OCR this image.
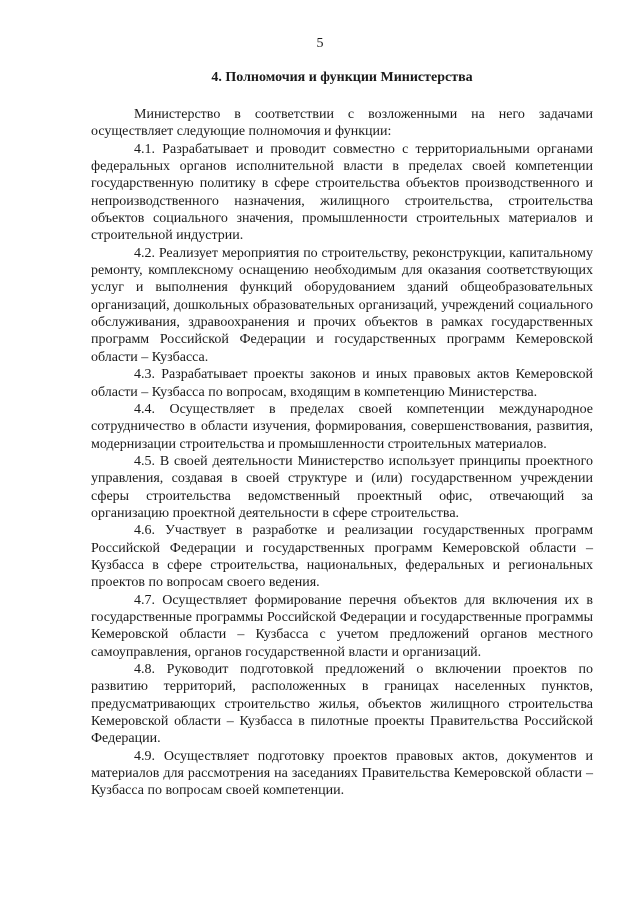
5
4. Полномочия и функции Министерства

Министерство в соответствии с возложенными на него задачами осуществляет следующие полномочия и функции:

4.1. Разрабатывает и проводит совместно с территориальными органами федеральных органов исполнительной власти в пределах своей компетенции государственную политику в сфере строительства объектов производственного и непроизводственного назначения, жилищного строительства, строительства объектов социального значения, промышленности строительных материалов и строительной индустрии.

4.2. Реализует мероприятия по строительству, реконструкции, капитальному ремонту, комплексному оснащению необходимым для оказания соответствующих услуг и выполнения функций оборудованием зданий общеобразовательных организаций, дошкольных образовательных организаций, учреждений социального обслуживания, здравоохранения и прочих объектов в рамках государственных программ Российской Федерации и государственных программ Кемеровской области – Кузбасса.

4.3. Разрабатывает проекты законов и иных правовых актов Кемеровской области – Кузбасса по вопросам, входящим в компетенцию Министерства.

4.4. Осуществляет в пределах своей компетенции международное сотрудничество в области изучения, формирования, совершенствования, развития, модернизации строительства и промышленности строительных материалов.

4.5. В своей деятельности Министерство использует принципы проектного управления, создавая в своей структуре и (или) государственном учреждении сферы строительства ведомственный проектный офис, отвечающий за организацию проектной деятельности в сфере строительства.

4.6. Участвует в разработке и реализации государственных программ Российской Федерации и государственных программ Кемеровской области – Кузбасса в сфере строительства, национальных, федеральных и региональных проектов по вопросам своего ведения.

4.7. Осуществляет формирование перечня объектов для включения их в государственные программы Российской Федерации и государственные программы Кемеровской области – Кузбасса с учетом предложений органов местного самоуправления, органов государственной власти и организаций.

4.8. Руководит подготовкой предложений о включении проектов по развитию территорий, расположенных в границах населенных пунктов, предусматривающих строительство жилья, объектов жилищного строительства Кемеровской области – Кузбасса в пилотные проекты Правительства Российской Федерации.

4.9. Осуществляет подготовку проектов правовых актов, документов и материалов для рассмотрения на заседаниях Правительства Кемеровской области – Кузбасса по вопросам своей компетенции.
